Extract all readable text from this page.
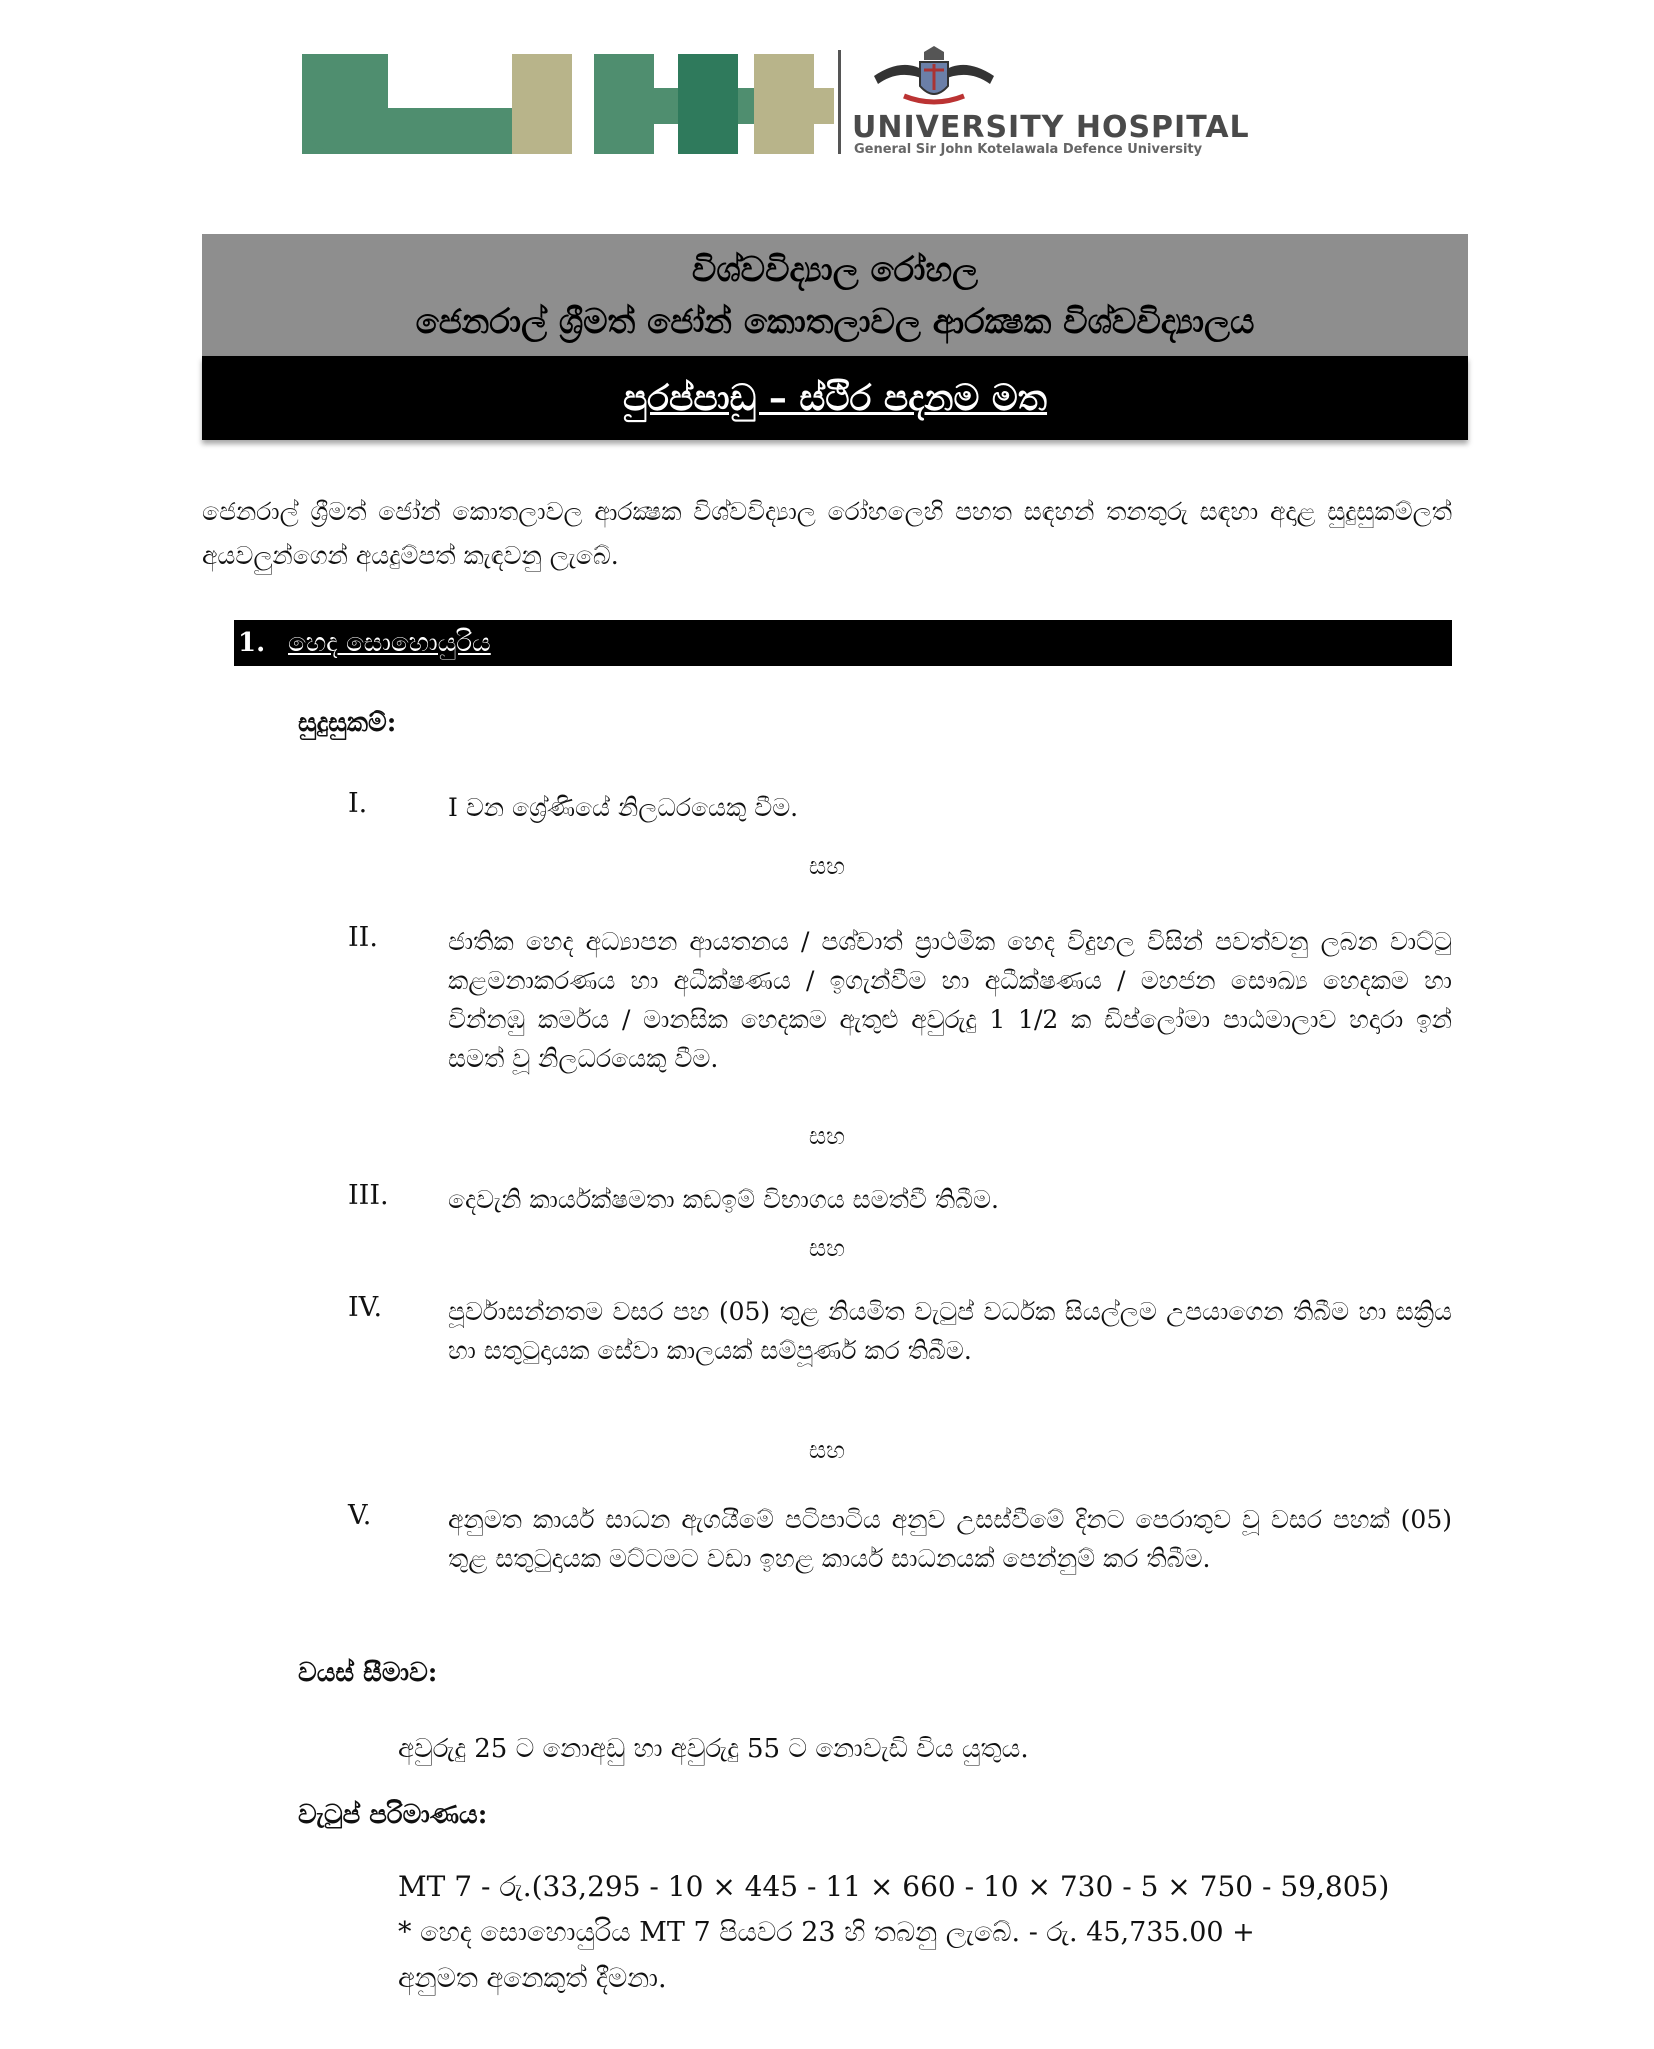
UNIVERSITY HOSPITAL
General Sir John Kotelawala Defence University
විශ්වවිද්‍යාල රෝහල
ජෙනරාල් ශ්‍රීමත් ජෝන් කොතලාවල ආරක්‍ෂක විශ්වවිද්‍යාලය
පුරප්පාඩු – ස්ථිර පදනම මත
ජෙනරාල් ශ්‍රීමත් ජෝන් කොතලාවල ආරක්‍ෂක විශ්වවිද්‍යාල රෝහලෙහි පහත සඳහන් තනතුරු සඳහා අදාළ සුදුසුකම්ලත් අයවලුන්ගෙන් අයදුම්පත් කැඳවනු ලැබේ.
1. හෙද සොහොයුරිය
සුදුසුකම්:
I.	I වන ශ්‍රේණියේ නිලධරයෙකු වීම.
සහ
II.	ජාතික හෙද අධ්‍යාපන ආයතනය / පශ්චාත් ප්‍රාථමික හෙද විදුහල විසින් පවත්වනු ලබන වාට්ටු කළමනාකරණය හා අධීක්ෂණය / ඉගැන්වීම හා අධීක්ෂණය / මහජන සෞඛ්‍ය හෙදකම හා වින්නඹු කර්මය / මානසික හෙදකම ඇතුළු අවුරුදු 1 1/2 ක ඩිප්ලෝමා පාඨමාලාව හදාරා ඉන් සමත් වූ නිලධරයෙකු වීම.
සහ
III. දෙවැනි කාර්යක්ෂමතා කඩඉම් විභාගය සමත්වී තිබීම.
සහ
IV.	පූර්වාසන්නතම වසර පහ (05) තුළ නියමිත වැටුප් වර්ධක සියල්ලම උපයාගෙන තිබීම හා සක්‍රිය හා සතුටුදායක සේවා කාලයක් සම්පූර්ණ කර තිබීම.
සහ
V.	අනුමත කාර්ය සාධන ඇගයීමේ පටිපාටිය අනුව උසස්වීමේ දිනට පෙරාතුව වූ වසර පහක් (05) තුළ සතුටුදායක මට්ටමට වඩා ඉහළ කාර්ය සාධනයක් පෙන්නුම් කර තිබීම.
වයස් සීමාව:
අවුරුදු 25 ට නොඅඩු හා අවුරුදු 55 ට නොවැඩි විය යුතුය.
වැටුප් පරිමාණය:
MT 7 - රු.(33,295 - 10 × 445 - 11 × 660 - 10 × 730 - 5 × 750 - 59,805)
* හෙද සොහොයුරිය MT 7 පියවර 23 හි තබනු ලැබේ. - රු. 45,735.00 +
අනුමත අනෙකුත් දීමනා.
